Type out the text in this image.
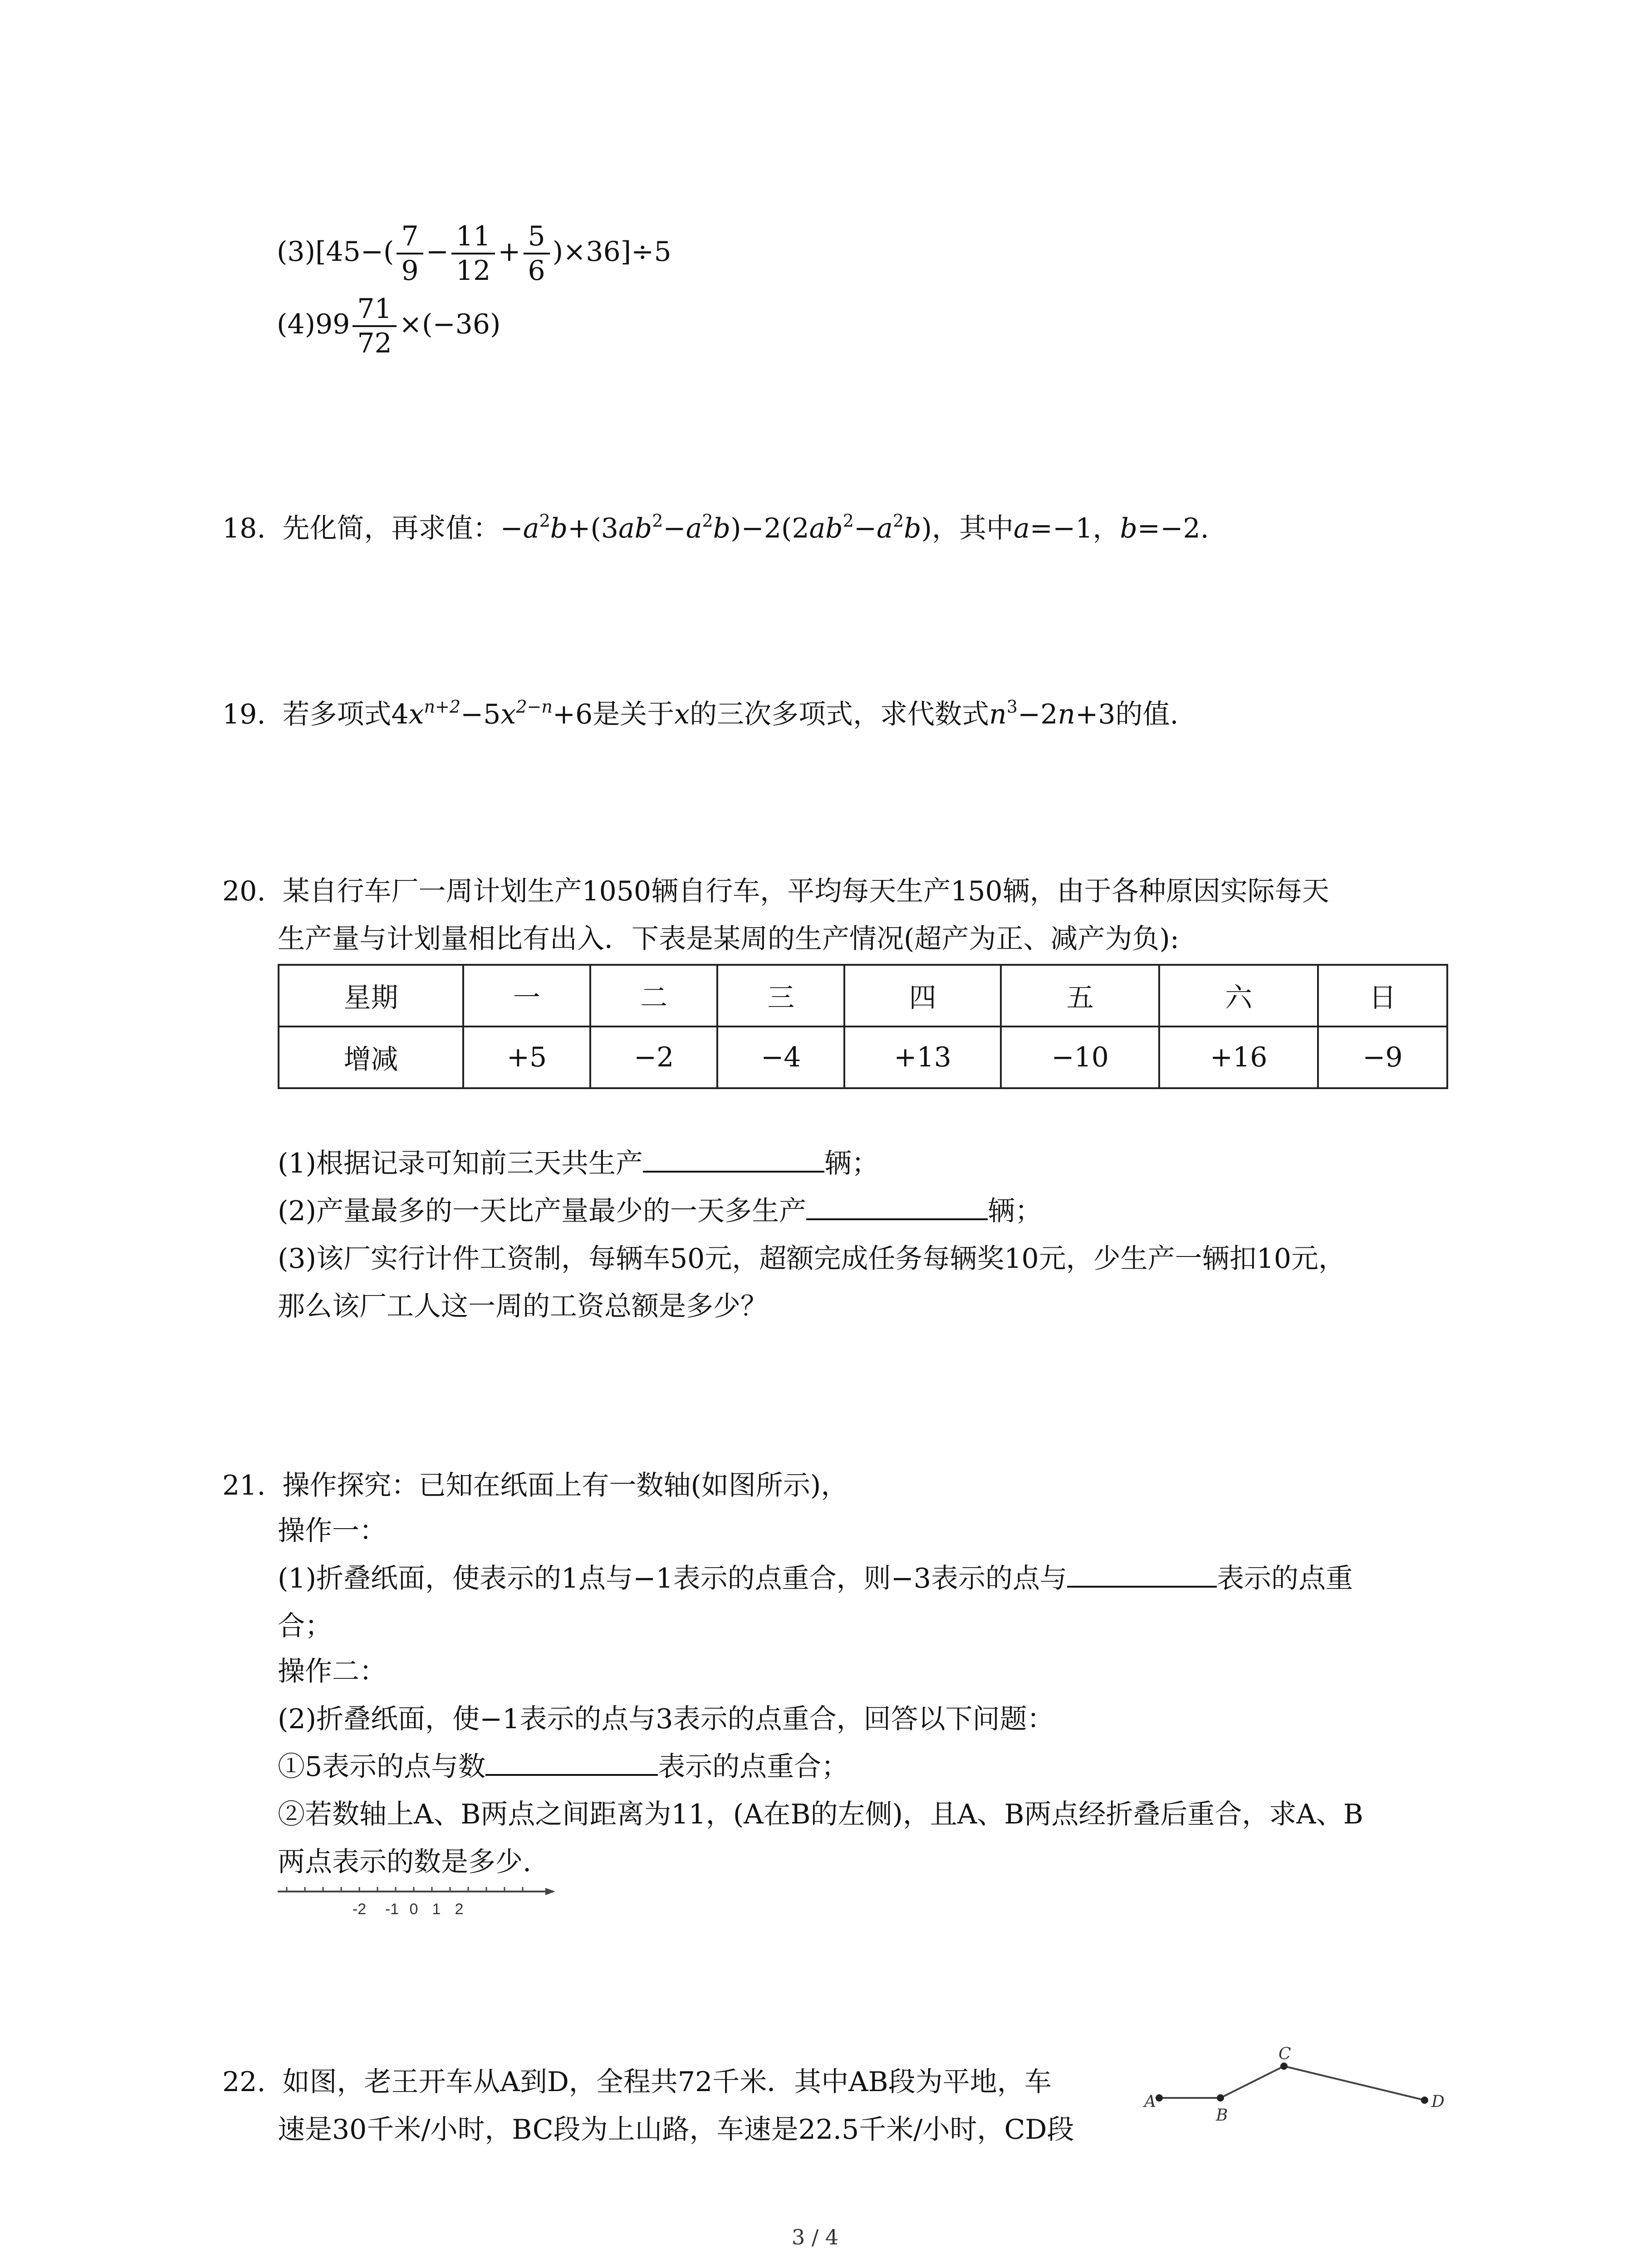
$(3)[45-( \frac{7}{9} - \frac{11}{12} + \frac{5}{6} )\times 36]\div 5$
$(4)99 \frac{71}{72} \times(-36)$
18. 先化简，再求值：$-a^2b+(3ab^2-a^2b)-2(2ab^2-a^2b)$，其中a=−1，b=−2.
19. 若多项式$4x^{n+2}-5x^{2-n}+6$是关于x的三次多项式，求代数式$n^3-2n+3$的值.
20. 某自行车厂一周计划生产1050辆自行车，平均每天生产150辆，由于各种原因实际每天
生产量与计划量相比有出入．下表是某周的生产情况(超产为正、减产为负):
星期	一	二	三	四	五	六	日
增减	+5	−2	−4	+13	−10	+16	−9
(1)根据记录可知前三天共生产	辆；
(2)产量最多的一天比产量最少的一天多生产	辆；
(3)该厂实行计件工资制，每辆车50元，超额完成任务每辆奖10元，少生产一辆扣10元，
那么该厂工人这一周的工资总额是多少？
21. 操作探究：已知在纸面上有一数轴(如图所示)，
操作一：
(1)折叠纸面，使表示的1点与−1表示的点重合，则−3表示的点与	表示的点重
合；
操作二：
(2)折叠纸面，使−1表示的点与3表示的点重合，回答以下问题：
①5表示的点与数	表示的点重合；
②若数轴上A、B两点之间距离为11，(A在B的左侧)，且A、B两点经折叠后重合，求A、B
两点表示的数是多少.
-2 -1 0 1 2
22. 如图，老王开车从A到D，全程共72千米．其中AB段为平地，车
速是30千米/小时，BC段为上山路，车速是22.5千米/小时，CD段
A
B
C
D
3 / 4
